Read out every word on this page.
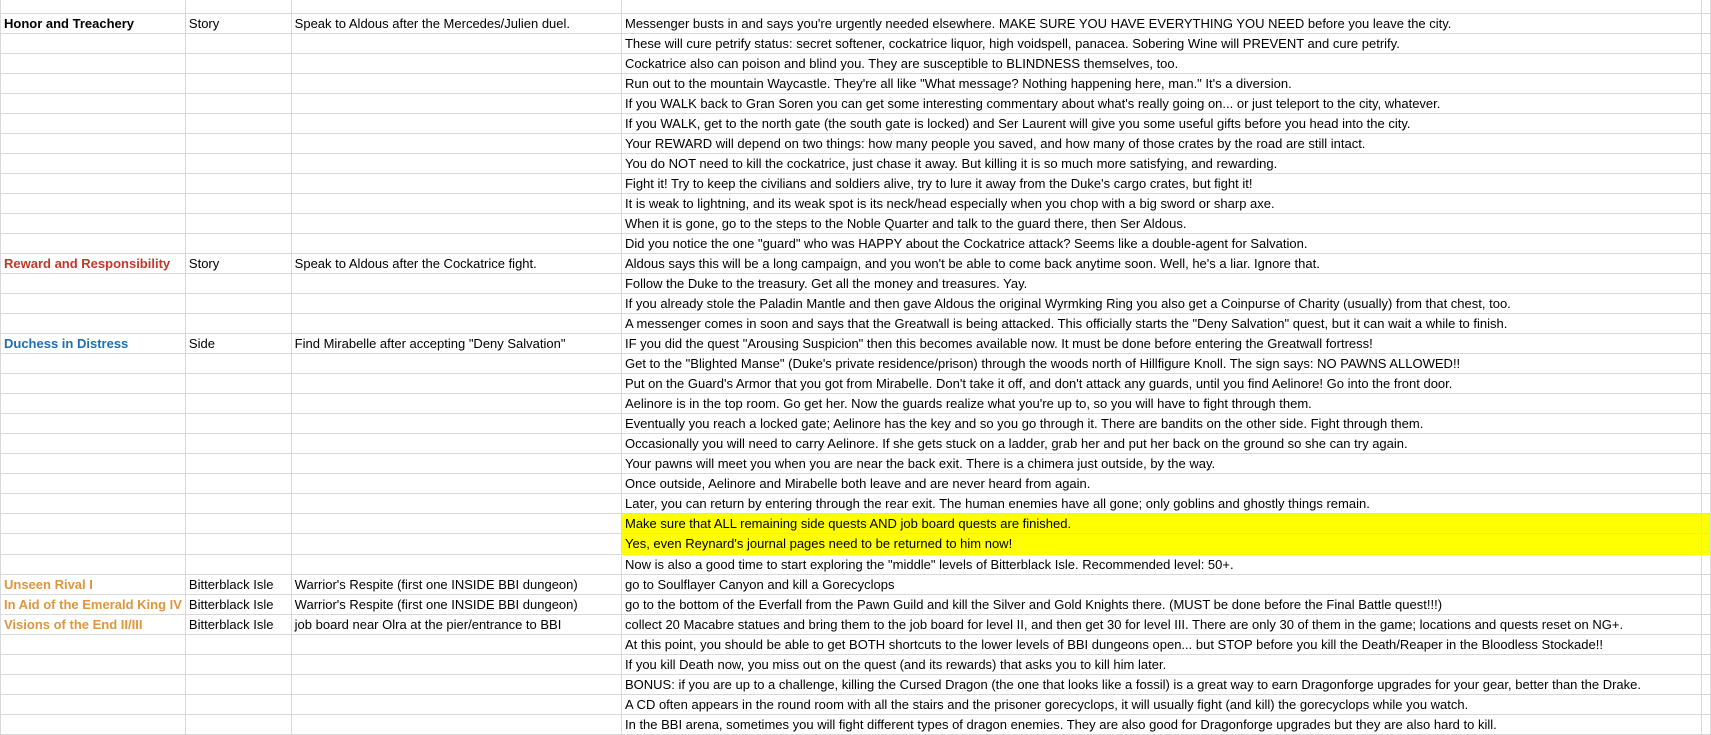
Honor and Treachery	Story	Speak to Aldous after the Mercedes/Julien duel.	Messenger busts in and says you're urgently needed elsewhere. MAKE SURE YOU HAVE EVERYTHING YOU NEED before you leave the city.	
			These will cure petrify status: secret softener, cockatrice liquor, high voidspell, panacea. Sobering Wine will PREVENT and cure petrify.	
			Cockatrice also can poison and blind you. They are susceptible to BLINDNESS themselves, too.	
			Run out to the mountain Waycastle. They're all like "What message? Nothing happening here, man." It's a diversion.	
			If you WALK back to Gran Soren you can get some interesting commentary about what's really going on... or just teleport to the city, whatever.	
			If you WALK, get to the north gate (the south gate is locked) and Ser Laurent will give you some useful gifts before you head into the city.	
			Your REWARD will depend on two things: how many people you saved, and how many of those crates by the road are still intact.	
			You do NOT need to kill the cockatrice, just chase it away. But killing it is so much more satisfying, and rewarding.	
			Fight it! Try to keep the civilians and soldiers alive, try to lure it away from the Duke's cargo crates, but fight it!	
			It is weak to lightning, and its weak spot is its neck/head especially when you chop with a big sword or sharp axe.	
			When it is gone, go to the steps to the Noble Quarter and talk to the guard there, then Ser Aldous.	
			Did you notice the one "guard" who was HAPPY about the Cockatrice attack? Seems like a double-agent for Salvation.	
Reward and Responsibility	Story	Speak to Aldous after the Cockatrice fight.	Aldous says this will be a long campaign, and you won't be able to come back anytime soon. Well, he's a liar. Ignore that.	
			Follow the Duke to the treasury. Get all the money and treasures. Yay.	
			If you already stole the Paladin Mantle and then gave Aldous the original Wyrmking Ring you also get a Coinpurse of Charity (usually) from that chest, too.	
			A messenger comes in soon and says that the Greatwall is being attacked. This officially starts the "Deny Salvation" quest, but it can wait a while to finish.	
Duchess in Distress	Side	Find Mirabelle after accepting "Deny Salvation"	IF you did the quest "Arousing Suspicion" then this becomes available now. It must be done before entering the Greatwall fortress!	
			Get to the "Blighted Manse" (Duke's private residence/prison) through the woods north of Hillfigure Knoll. The sign says: NO PAWNS ALLOWED!!	
			Put on the Guard's Armor that you got from Mirabelle. Don't take it off, and don't attack any guards, until you find Aelinore! Go into the front door.	
			Aelinore is in the top room. Go get her. Now the guards realize what you're up to, so you will have to fight through them.	
			Eventually you reach a locked gate; Aelinore has the key and so you go through it. There are bandits on the other side. Fight through them.	
			Occasionally you will need to carry Aelinore. If she gets stuck on a ladder, grab her and put her back on the ground so she can try again.	
			Your pawns will meet you when you are near the back exit. There is a chimera just outside, by the way.	
			Once outside, Aelinore and Mirabelle both leave and are never heard from again.	
			Later, you can return by entering through the rear exit. The human enemies have all gone; only goblins and ghostly things remain.	
			Make sure that ALL remaining side quests AND job board quests are finished.	
			Yes, even Reynard's journal pages need to be returned to him now!	
			Now is also a good time to start exploring the "middle" levels of Bitterblack Isle. Recommended level: 50+.	
Unseen Rival I	Bitterblack Isle	Warrior's Respite (first one INSIDE BBI dungeon)	go to Soulflayer Canyon and kill a Gorecyclops	
In Aid of the Emerald King IV	Bitterblack Isle	Warrior's Respite (first one INSIDE BBI dungeon)	go to the bottom of the Everfall from the Pawn Guild and kill the Silver and Gold Knights there. (MUST be done before the Final Battle quest!!!)	
Visions of the End II/III	Bitterblack Isle	job board near Olra at the pier/entrance to BBI	collect 20 Macabre statues and bring them to the job board for level II, and then get 30 for level III. There are only 30 of them in the game; locations and quests reset on NG+.	
			At this point, you should be able to get BOTH shortcuts to the lower levels of BBI dungeons open... but STOP before you kill the Death/Reaper in the Bloodless Stockade!!	
			If you kill Death now, you miss out on the quest (and its rewards) that asks you to kill him later.	
			BONUS: if you are up to a challenge, killing the Cursed Dragon (the one that looks like a fossil) is a great way to earn Dragonforge upgrades for your gear, better than the Drake.	
			A CD often appears in the round room with all the stairs and the prisoner gorecyclops, it will usually fight (and kill) the gorecyclops while you watch.	
			In the BBI arena, sometimes you will fight different types of dragon enemies. They are also good for Dragonforge upgrades but they are also hard to kill.	
